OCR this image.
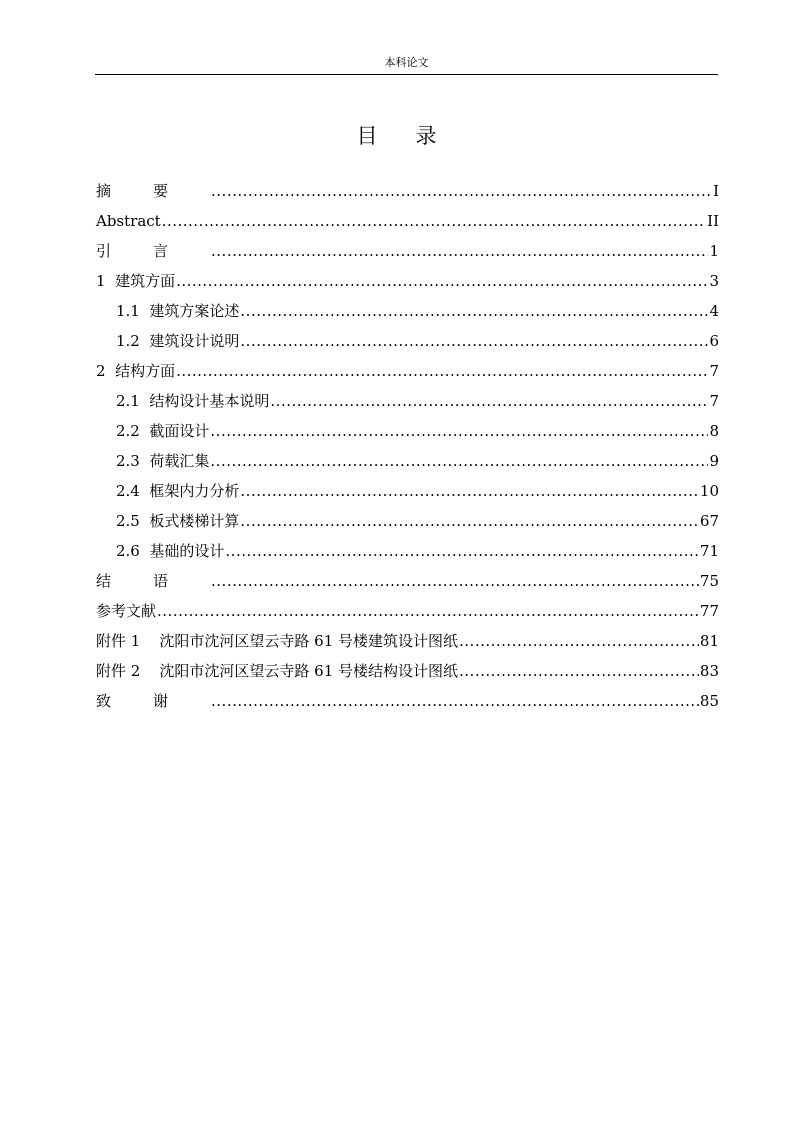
本科论文
目录
摘要 .....	I
Abstract .....	II
引言 .....	1
1  建筑方面 .....	3
1.1  建筑方案论述 .....	4
1.2  建筑设计说明 .....	6
2  结构方面 .....	7
2.1  结构设计基本说明 .....	7
2.2  截面设计 .....	8
2.3  荷载汇集 .....	9
2.4  框架内力分析 .....	10
2.5  板式楼梯计算 .....	67
2.6  基础的设计 .....	71
结语 .....	75
参考文献 .....	77
附件 1    沈阳市沈河区望云寺路 61 号楼建筑设计图纸 .....	81
附件 2    沈阳市沈河区望云寺路 61 号楼结构设计图纸 .....	83
致谢 .....	85
